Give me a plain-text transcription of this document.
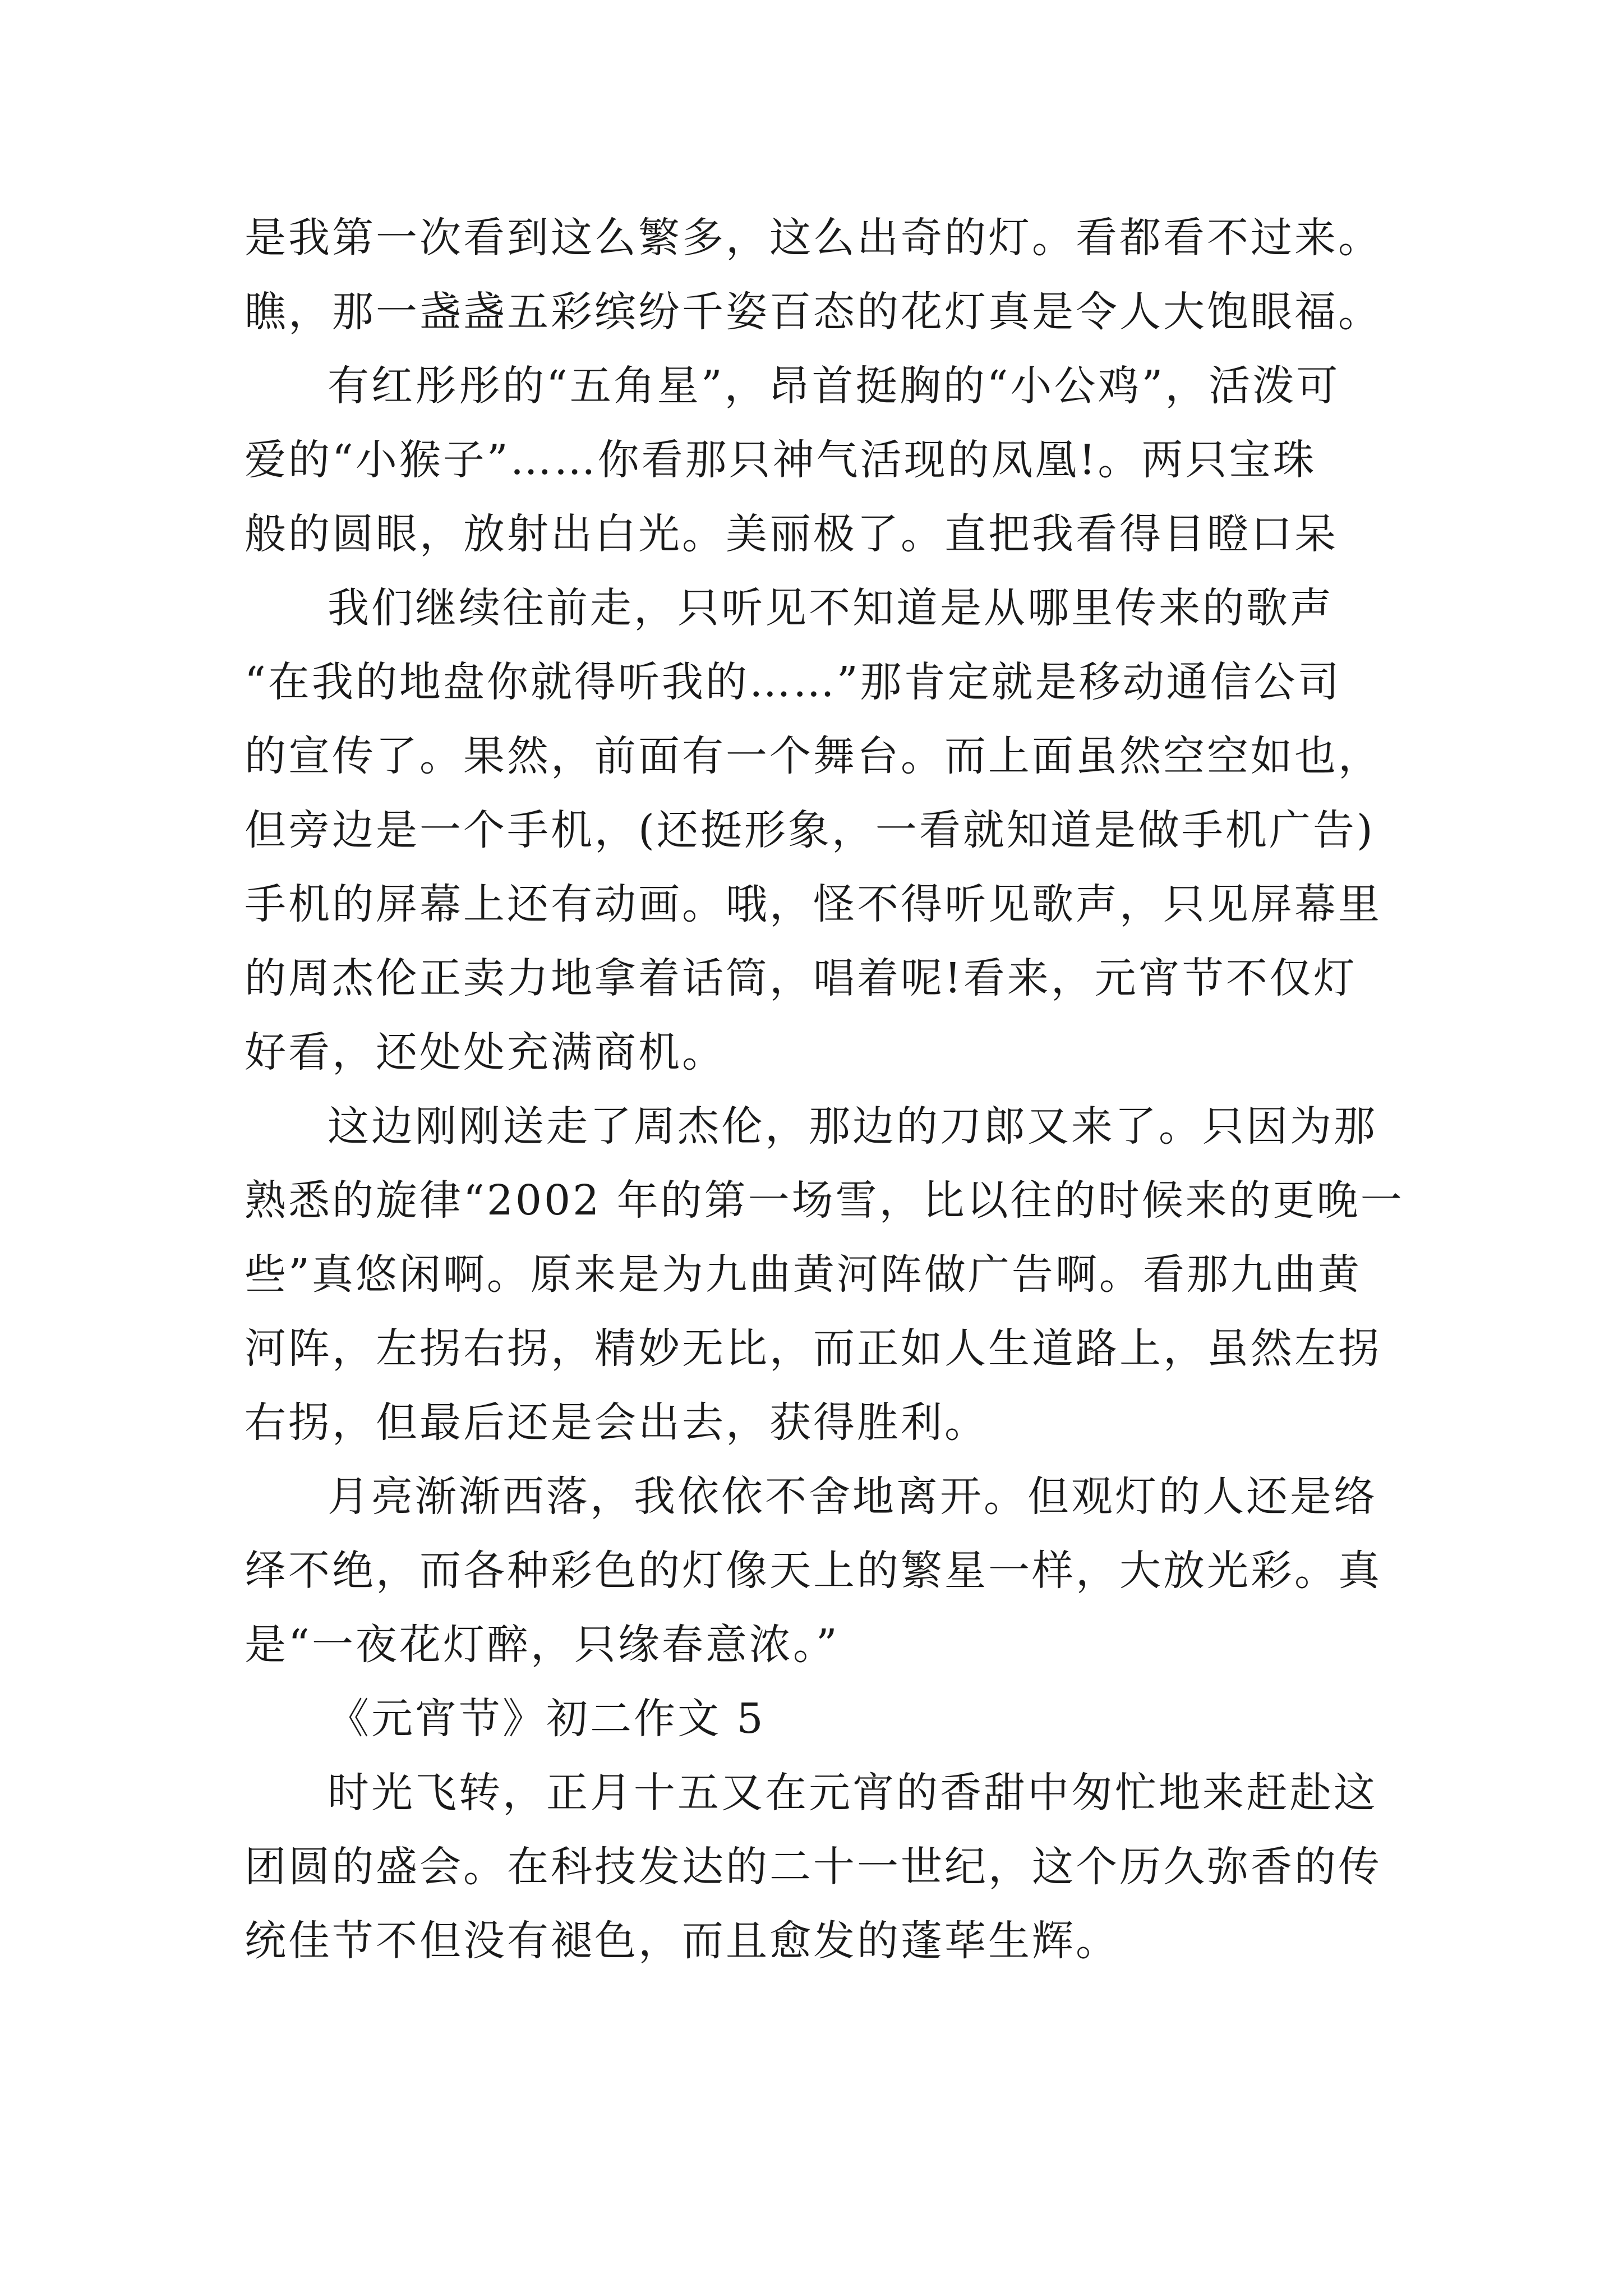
是我第一次看到这么繁多，这么出奇的灯。看都看不过来。
瞧，那一盏盏五彩缤纷千姿百态的花灯真是令人大饱眼福。
有红彤彤的“五角星”，昂首挺胸的“小公鸡”，活泼可
爱的“小猴子”……你看那只神气活现的凤凰!。两只宝珠
般的圆眼，放射出白光。美丽极了。直把我看得目瞪口呆
我们继续往前走，只听见不知道是从哪里传来的歌声
“在我的地盘你就得听我的……”那肯定就是移动通信公司
的宣传了。果然，前面有一个舞台。而上面虽然空空如也，
但旁边是一个手机，(还挺形象，一看就知道是做手机广告)
手机的屏幕上还有动画。哦，怪不得听见歌声，只见屏幕里
的周杰伦正卖力地拿着话筒，唱着呢!看来，元宵节不仅灯
好看，还处处充满商机。
这边刚刚送走了周杰伦，那边的刀郎又来了。只因为那
熟悉的旋律“2002 年的第一场雪，比以往的时候来的更晚一
些”真悠闲啊。原来是为九曲黄河阵做广告啊。看那九曲黄
河阵，左拐右拐，精妙无比，而正如人生道路上，虽然左拐
右拐，但最后还是会出去，获得胜利。
月亮渐渐西落，我依依不舍地离开。但观灯的人还是络
绎不绝，而各种彩色的灯像天上的繁星一样，大放光彩。真
是“一夜花灯醉，只缘春意浓。”
《元宵节》初二作文 5
时光飞转，正月十五又在元宵的香甜中匆忙地来赶赴这
团圆的盛会。在科技发达的二十一世纪，这个历久弥香的传
统佳节不但没有褪色，而且愈发的蓬荜生辉。
